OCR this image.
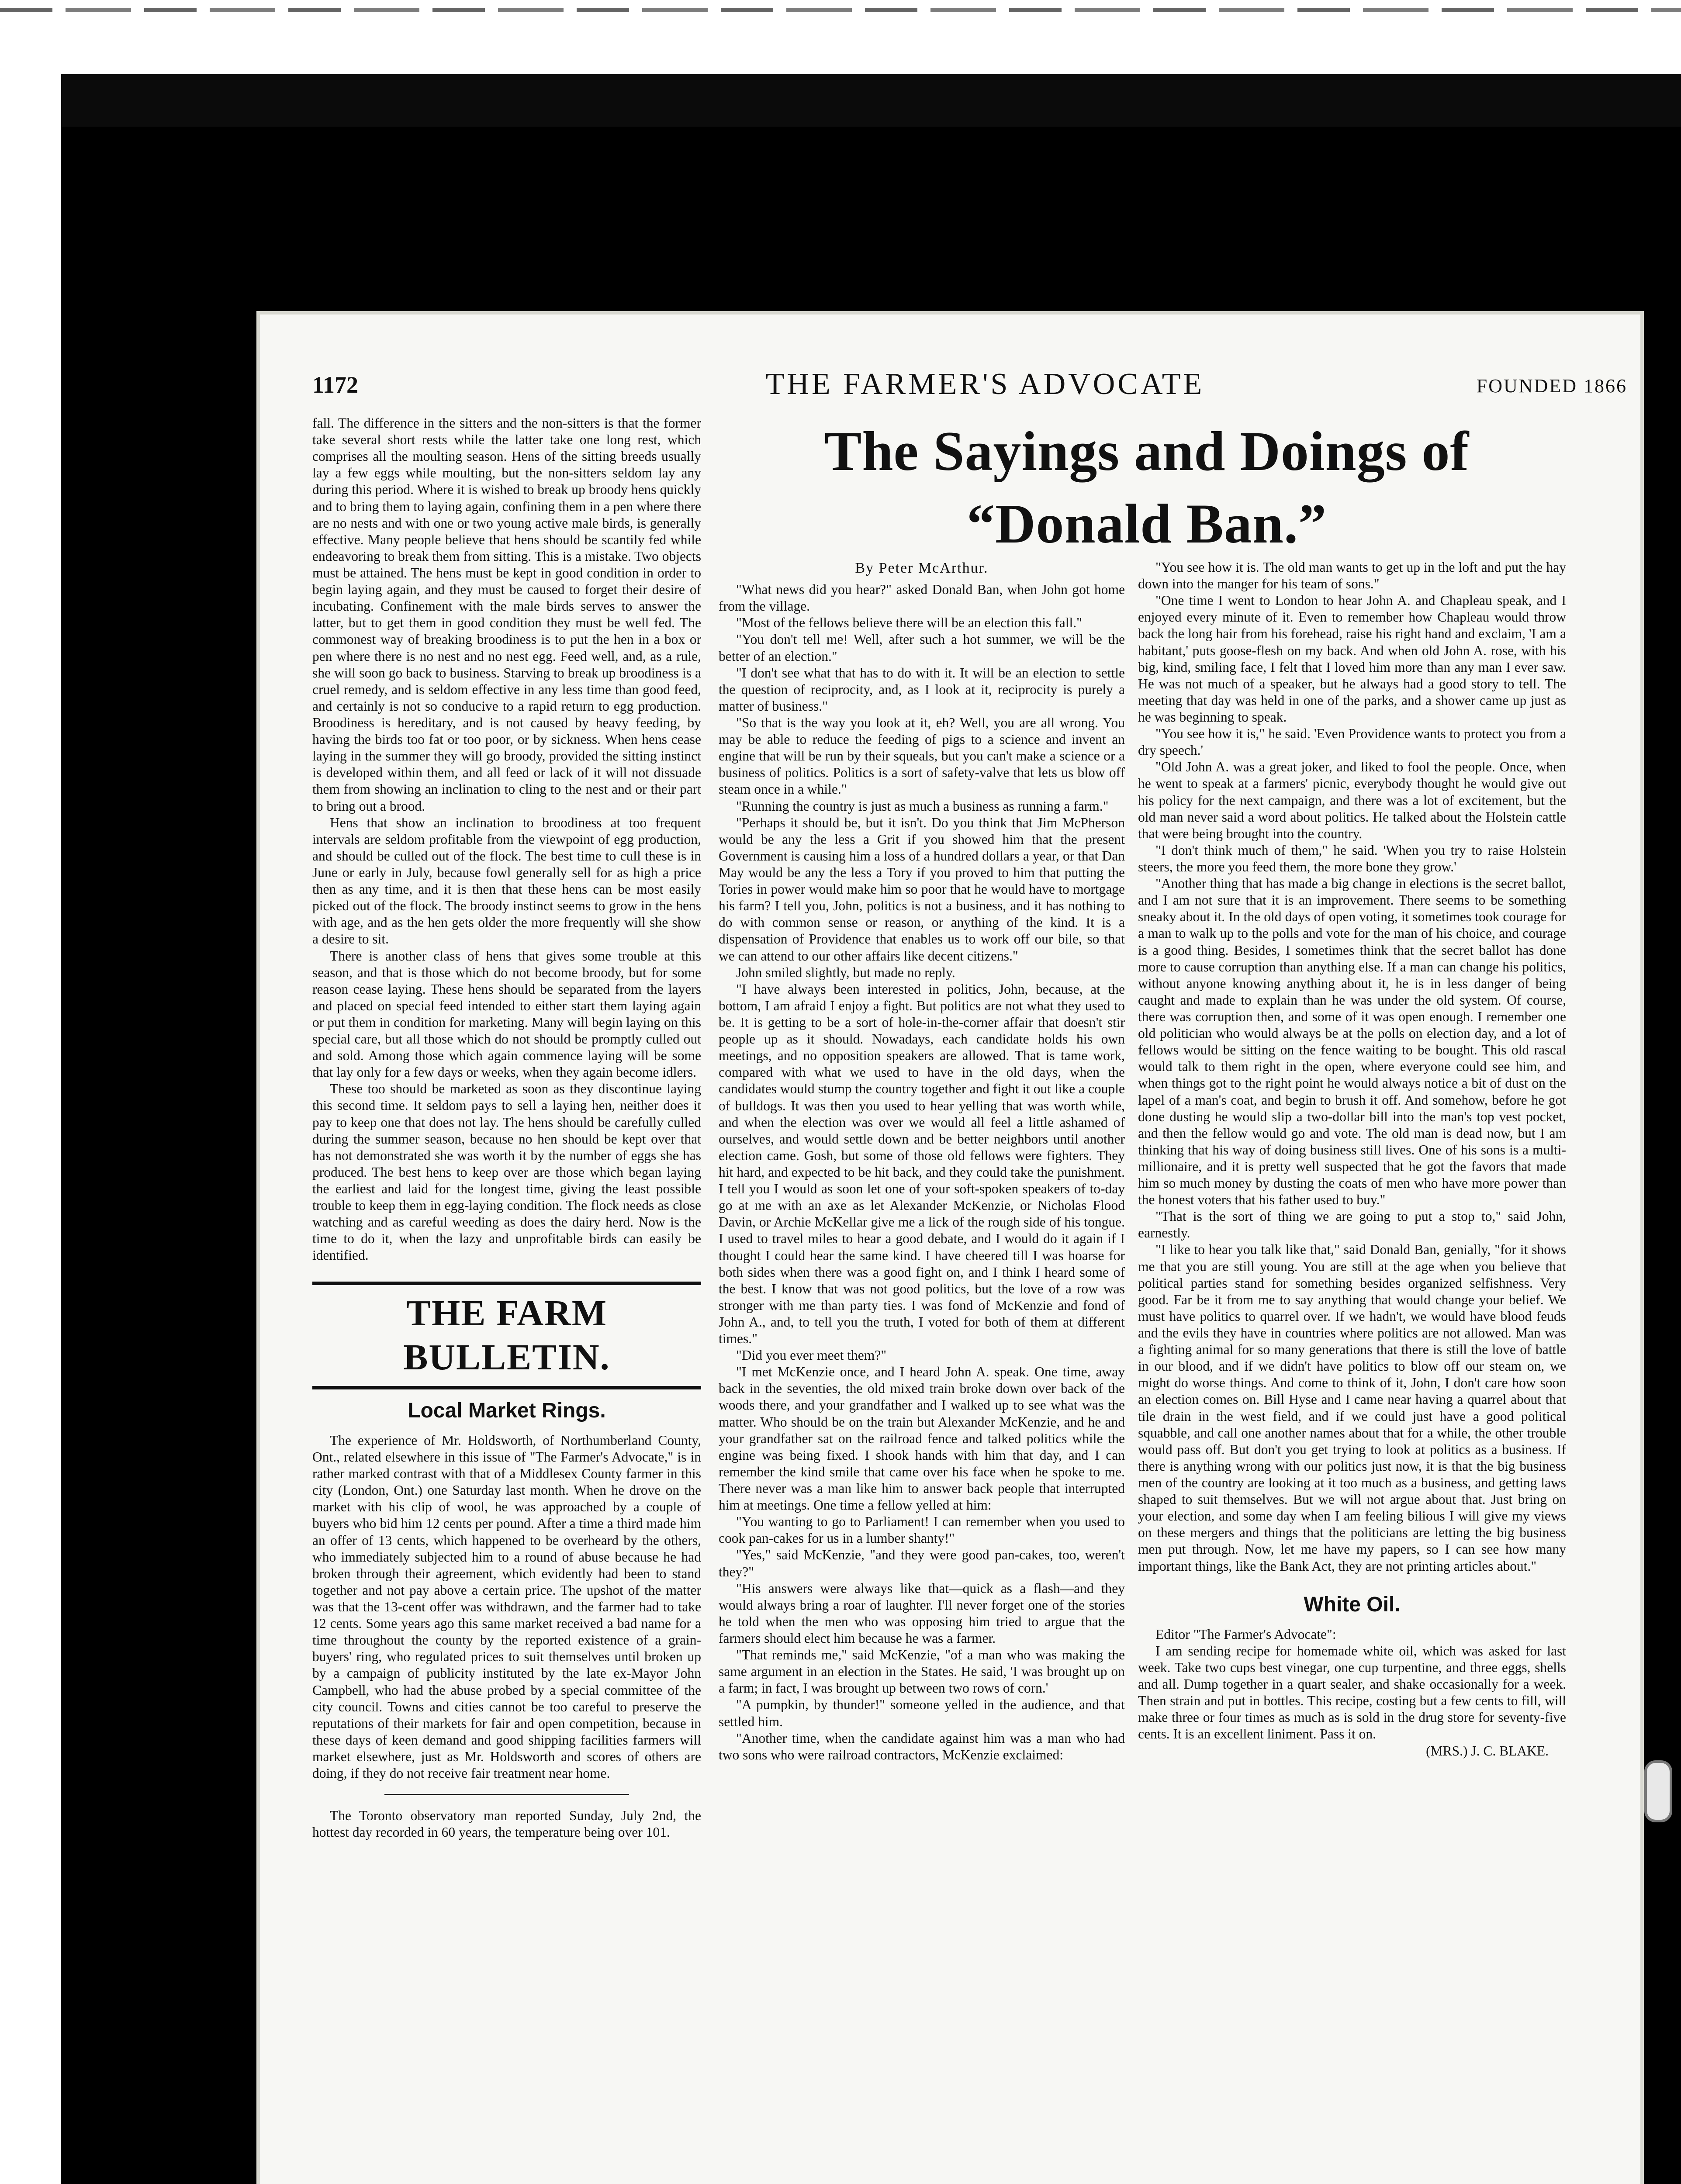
1172	THE FARMER'S ADVOCATE	FOUNDED 1866

fall. The difference in the sitters and the non-sitters is that the former take several short rests while the latter take one long rest, which comprises all the moulting season. Hens of the sitting breeds usually lay a few eggs while moulting, but the non-sitters seldom lay any during this period. Where it is wished to break up broody hens quickly and to bring them to laying again, confining them in a pen where there are no nests and with one or two young active male birds, is generally effective. Many people believe that hens should be scantily fed while endeavoring to break them from sitting. This is a mistake. Two objects must be attained. The hens must be kept in good condition in order to begin laying again, and they must be caused to forget their desire of incubating. Confinement with the male birds serves to answer the latter, but to get them in good condition they must be well fed. The commonest way of breaking broodiness is to put the hen in a box or pen where there is no nest and no nest egg. Feed well, and, as a rule, she will soon go back to business. Starving to break up broodiness is a cruel remedy, and is seldom effective in any less time than good feed, and certainly is not so conducive to a rapid return to egg production. Broodiness is hereditary, and is not caused by heavy feeding, by having the birds too fat or too poor, or by sickness. When hens cease laying in the summer they will go broody, provided the sitting instinct is developed within them, and all feed or lack of it will not dissuade them from showing an inclination to cling to the nest and or their part to bring out a brood.

Hens that show an inclination to broodiness at too frequent intervals are seldom profitable from the viewpoint of egg production, and should be culled out of the flock. The best time to cull these is in June or early in July, because fowl generally sell for as high a price then as any time, and it is then that these hens can be most easily picked out of the flock. The broody instinct seems to grow in the hens with age, and as the hen gets older the more frequently will she show a desire to sit.

There is another class of hens that gives some trouble at this season, and that is those which do not become broody, but for some reason cease laying. These hens should be separated from the layers and placed on special feed intended to either start them laying again or put them in condition for marketing. Many will begin laying on this special care, but all those which do not should be promptly culled out and sold. Among those which again commence laying will be some that lay only for a few days or weeks, when they again become idlers.

These too should be marketed as soon as they discontinue laying this second time. It seldom pays to sell a laying hen, neither does it pay to keep one that does not lay. The hens should be carefully culled during the summer season, because no hen should be kept over that has not demonstrated she was worth it by the number of eggs she has produced. The best hens to keep over are those which began laying the earliest and laid for the longest time, giving the least possible trouble to keep them in egg-laying condition. The flock needs as close watching and as careful weeding as does the dairy herd. Now is the time to do it, when the lazy and unprofitable birds can easily be identified.

THE FARM BULLETIN.
Local Market Rings.

The experience of Mr. Holdsworth, of Northumberland County, Ont., related elsewhere in this issue of "The Farmer's Advocate," is in rather marked contrast with that of a Middlesex County farmer in this city (London, Ont.) one Saturday last month. When he drove on the market with his clip of wool, he was approached by a couple of buyers who bid him 12 cents per pound. After a time a third made him an offer of 13 cents, which happened to be overheard by the others, who immediately subjected him to a round of abuse because he had broken through their agreement, which evidently had been to stand together and not pay above a certain price. The upshot of the matter was that the 13-cent offer was withdrawn, and the farmer had to take 12 cents. Some years ago this same market received a bad name for a time throughout the county by the reported existence of a grain-buyers' ring, who regulated prices to suit themselves until broken up by a campaign of publicity instituted by the late ex-Mayor John Campbell, who had the abuse probed by a special committee of the city council. Towns and cities cannot be too careful to preserve the reputations of their markets for fair and open competition, because in these days of keen demand and good shipping facilities farmers will market elsewhere, just as Mr. Holdsworth and scores of others are doing, if they do not receive fair treatment near home.

The Toronto observatory man reported Sunday, July 2nd, the hottest day recorded in 60 years, the temperature being over 101.

The Sayings and Doings of “Donald Ban.”

By Peter McArthur.

"What news did you hear?" asked Donald Ban, when John got home from the village.

"Most of the fellows believe there will be an election this fall."

"You don't tell me! Well, after such a hot summer, we will be the better of an election."

"I don't see what that has to do with it. It will be an election to settle the question of reciprocity, and, as I look at it, reciprocity is purely a matter of business."

"So that is the way you look at it, eh? Well, you are all wrong. You may be able to reduce the feeding of pigs to a science and invent an engine that will be run by their squeals, but you can't make a science or a business of politics. Politics is a sort of safety-valve that lets us blow off steam once in a while."

"Running the country is just as much a business as running a farm."

"Perhaps it should be, but it isn't. Do you think that Jim McPherson would be any the less a Grit if you showed him that the present Government is causing him a loss of a hundred dollars a year, or that Dan May would be any the less a Tory if you proved to him that putting the Tories in power would make him so poor that he would have to mortgage his farm? I tell you, John, politics is not a business, and it has nothing to do with common sense or reason, or anything of the kind. It is a dispensation of Providence that enables us to work off our bile, so that we can attend to our other affairs like decent citizens."

John smiled slightly, but made no reply.

"I have always been interested in politics, John, because, at the bottom, I am afraid I enjoy a fight. But politics are not what they used to be. It is getting to be a sort of hole-in-the-corner affair that doesn't stir people up as it should. Nowadays, each candidate holds his own meetings, and no opposition speakers are allowed. That is tame work, compared with what we used to have in the old days, when the candidates would stump the country together and fight it out like a couple of bulldogs. It was then you used to hear yelling that was worth while, and when the election was over we would all feel a little ashamed of ourselves, and would settle down and be better neighbors until another election came. Gosh, but some of those old fellows were fighters. They hit hard, and expected to be hit back, and they could take the punishment. I tell you I would as soon let one of your soft-spoken speakers of to-day go at me with an axe as let Alexander McKenzie, or Nicholas Flood Davin, or Archie McKellar give me a lick of the rough side of his tongue. I used to travel miles to hear a good debate, and I would do it again if I thought I could hear the same kind. I have cheered till I was hoarse for both sides when there was a good fight on, and I think I heard some of the best. I know that was not good politics, but the love of a row was stronger with me than party ties. I was fond of McKenzie and fond of John A., and, to tell you the truth, I voted for both of them at different times."

"Did you ever meet them?"

"I met McKenzie once, and I heard John A. speak. One time, away back in the seventies, the old mixed train broke down over back of the woods there, and your grandfather and I walked up to see what was the matter. Who should be on the train but Alexander McKenzie, and he and your grandfather sat on the railroad fence and talked politics while the engine was being fixed. I shook hands with him that day, and I can remember the kind smile that came over his face when he spoke to me. There never was a man like him to answer back people that interrupted him at meetings. One time a fellow yelled at him:

"You wanting to go to Parliament! I can remember when you used to cook pan-cakes for us in a lumber shanty!"

"Yes," said McKenzie, "and they were good pan-cakes, too, weren't they?"

"His answers were always like that—quick as a flash—and they would always bring a roar of laughter. I'll never forget one of the stories he told when the men who was opposing him tried to argue that the farmers should elect him because he was a farmer.

"That reminds me," said McKenzie, "of a man who was making the same argument in an election in the States. He said, 'I was brought up on a farm; in fact, I was brought up between two rows of corn.'

"A pumpkin, by thunder!" someone yelled in the audience, and that settled him.

"Another time, when the candidate against him was a man who had two sons who were railroad contractors, McKenzie exclaimed:

"You see how it is. The old man wants to get up in the loft and put the hay down into the manger for his team of sons."

"One time I went to London to hear John A. and Chapleau speak, and I enjoyed every minute of it. Even to remember how Chapleau would throw back the long hair from his forehead, raise his right hand and exclaim, 'I am a habitant,' puts goose-flesh on my back. And when old John A. rose, with his big, kind, smiling face, I felt that I loved him more than any man I ever saw. He was not much of a speaker, but he always had a good story to tell. The meeting that day was held in one of the parks, and a shower came up just as he was beginning to speak.

"You see how it is," he said. 'Even Providence wants to protect you from a dry speech.'

"Old John A. was a great joker, and liked to fool the people. Once, when he went to speak at a farmers' picnic, everybody thought he would give out his policy for the next campaign, and there was a lot of excitement, but the old man never said a word about politics. He talked about the Holstein cattle that were being brought into the country.

"I don't think much of them," he said. 'When you try to raise Holstein steers, the more you feed them, the more bone they grow.'

"Another thing that has made a big change in elections is the secret ballot, and I am not sure that it is an improvement. There seems to be something sneaky about it. In the old days of open voting, it sometimes took courage for a man to walk up to the polls and vote for the man of his choice, and courage is a good thing. Besides, I sometimes think that the secret ballot has done more to cause corruption than anything else. If a man can change his politics, without anyone knowing anything about it, he is in less danger of being caught and made to explain than he was under the old system. Of course, there was corruption then, and some of it was open enough. I remember one old politician who would always be at the polls on election day, and a lot of fellows would be sitting on the fence waiting to be bought. This old rascal would talk to them right in the open, where everyone could see him, and when things got to the right point he would always notice a bit of dust on the lapel of a man's coat, and begin to brush it off. And somehow, before he got done dusting he would slip a two-dollar bill into the man's top vest pocket, and then the fellow would go and vote. The old man is dead now, but I am thinking that his way of doing business still lives. One of his sons is a multi-millionaire, and it is pretty well suspected that he got the favors that made him so much money by dusting the coats of men who have more power than the honest voters that his father used to buy."

"That is the sort of thing we are going to put a stop to," said John, earnestly.

"I like to hear you talk like that," said Donald Ban, genially, "for it shows me that you are still young. You are still at the age when you believe that political parties stand for something besides organized selfishness. Very good. Far be it from me to say anything that would change your belief. We must have politics to quarrel over. If we hadn't, we would have blood feuds and the evils they have in countries where politics are not allowed. Man was a fighting animal for so many generations that there is still the love of battle in our blood, and if we didn't have politics to blow off our steam on, we might do worse things. And come to think of it, John, I don't care how soon an election comes on. Bill Hyse and I came near having a quarrel about that tile drain in the west field, and if we could just have a good political squabble, and call one another names about that for a while, the other trouble would pass off. But don't you get trying to look at politics as a business. If there is anything wrong with our politics just now, it is that the big business men of the country are looking at it too much as a business, and getting laws shaped to suit themselves. But we will not argue about that. Just bring on your election, and some day when I am feeling bilious I will give my views on these mergers and things that the politicians are letting the big business men put through. Now, let me have my papers, so I can see how many important things, like the Bank Act, they are not printing articles about."

White Oil.

Editor "The Farmer's Advocate":

I am sending recipe for homemade white oil, which was asked for last week. Take two cups best vinegar, one cup turpentine, and three eggs, shells and all. Dump together in a quart sealer, and shake occasionally for a week. Then strain and put in bottles. This recipe, costing but a few cents to fill, will make three or four times as much as is sold in the drug store for seventy-five cents. It is an excellent liniment. Pass it on.

(MRS.) J. C. BLAKE.
